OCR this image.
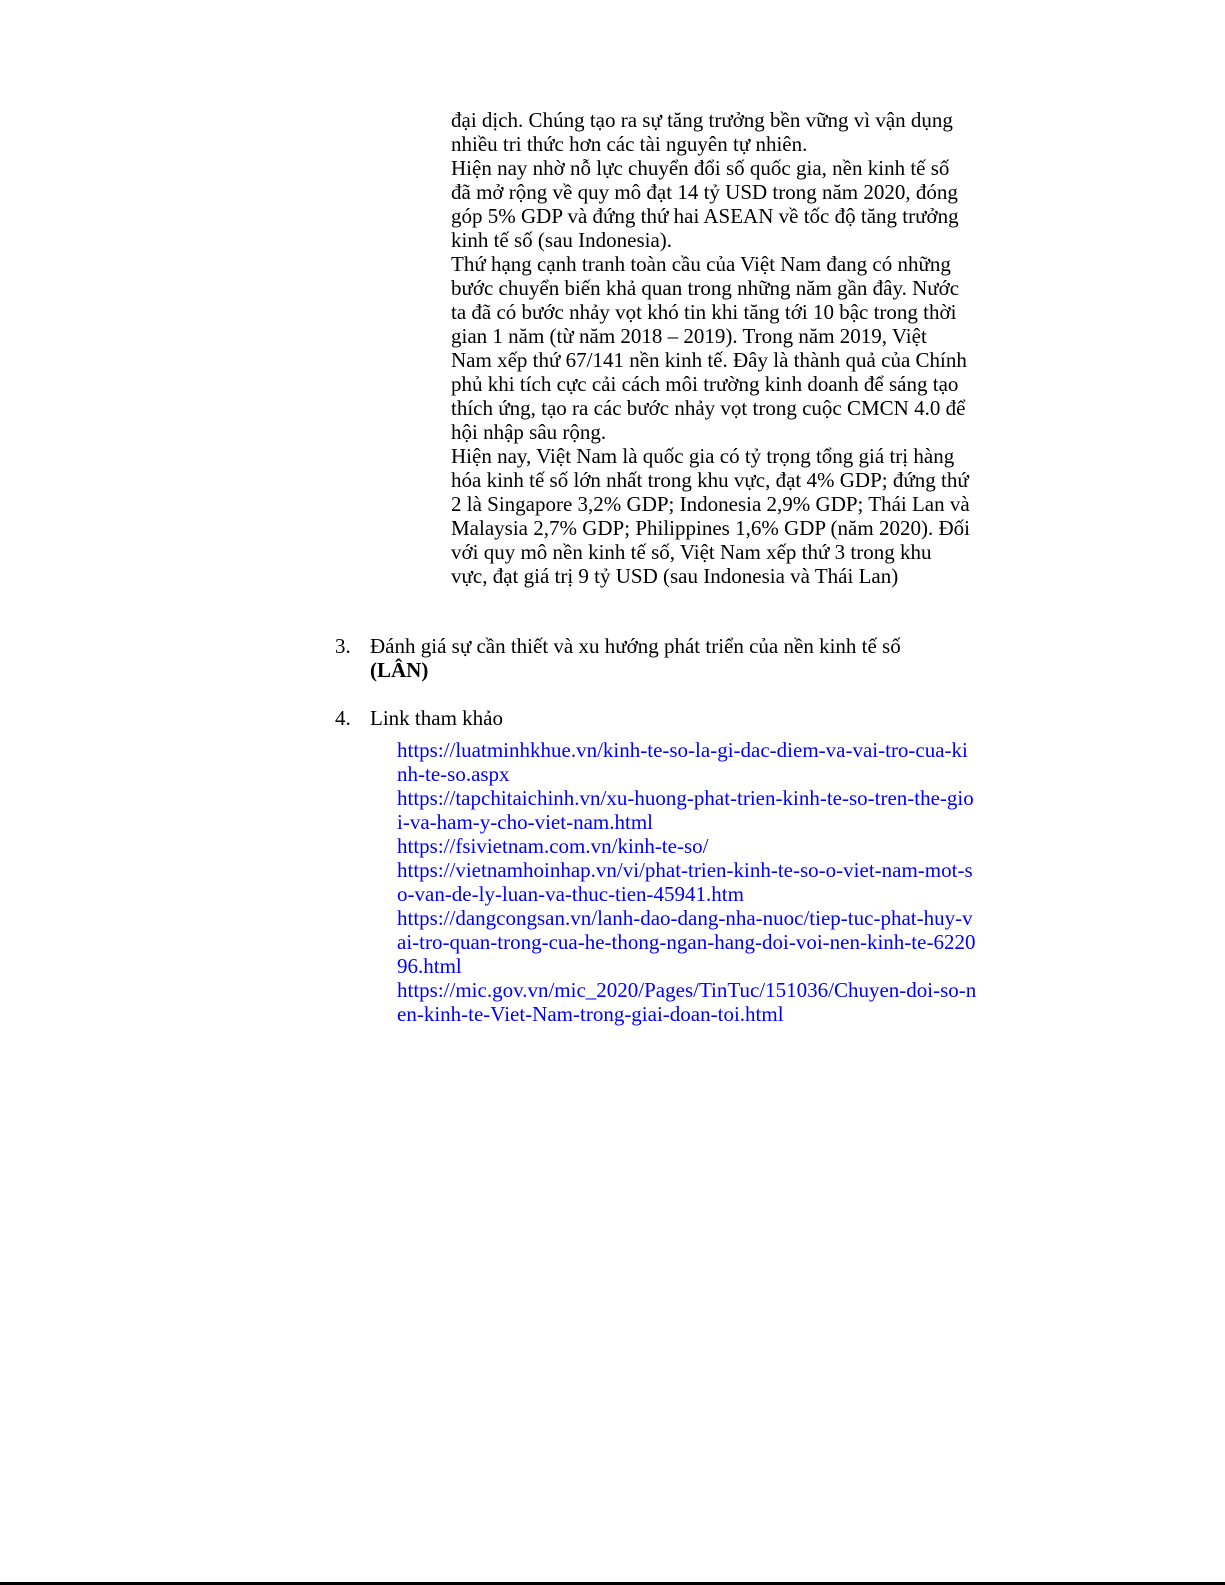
đại dịch. Chúng tạo ra sự tăng trưởng bền vững vì vận dụng nhiều tri thức hơn các tài nguyên tự nhiên.

Hiện nay nhờ nỗ lực chuyển đổi số quốc gia, nền kinh tế số đã mở rộng về quy mô đạt 14 tỷ USD trong năm 2020, đóng góp 5% GDP và đứng thứ hai ASEAN về tốc độ tăng trưởng kinh tế số (sau Indonesia).

Thứ hạng cạnh tranh toàn cầu của Việt Nam đang có những bước chuyển biến khả quan trong những năm gần đây. Nước ta đã có bước nhảy vọt khó tin khi tăng tới 10 bậc trong thời gian 1 năm (từ năm 2018 – 2019). Trong năm 2019, Việt Nam xếp thứ 67/141 nền kinh tế. Đây là thành quả của Chính phủ khi tích cực cải cách môi trường kinh doanh để sáng tạo thích ứng, tạo ra các bước nhảy vọt trong cuộc CMCN 4.0 để hội nhập sâu rộng.

Hiện nay, Việt Nam là quốc gia có tỷ trọng tổng giá trị hàng hóa kinh tế số lớn nhất trong khu vực, đạt 4% GDP; đứng thứ 2 là Singapore 3,2% GDP; Indonesia 2,9% GDP; Thái Lan và Malaysia 2,7% GDP; Philippines 1,6% GDP (năm 2020). Đối với quy mô nền kinh tế số, Việt Nam xếp thứ 3 trong khu vực, đạt giá trị 9 tỷ USD (sau Indonesia và Thái Lan)

3. Đánh giá sự cần thiết và xu hướng phát triển của nền kinh tế số
(LÂN)
4. Link tham khảo
https://luatminhkhue.vn/kinh-te-so-la-gi-dac-diem-va-vai-tro-cua-kinh-te-so.aspx
https://tapchitaichinh.vn/xu-huong-phat-trien-kinh-te-so-tren-the-gioi-va-ham-y-cho-viet-nam.html
https://fsivietnam.com.vn/kinh-te-so/
https://vietnamhoinhap.vn/vi/phat-trien-kinh-te-so-o-viet-nam-mot-so-van-de-ly-luan-va-thuc-tien-45941.htm
https://dangcongsan.vn/lanh-dao-dang-nha-nuoc/tiep-tuc-phat-huy-vai-tro-quan-trong-cua-he-thong-ngan-hang-doi-voi-nen-kinh-te-622096.html
https://mic.gov.vn/mic_2020/Pages/TinTuc/151036/Chuyen-doi-so-nen-kinh-te-Viet-Nam-trong-giai-doan-toi.html
